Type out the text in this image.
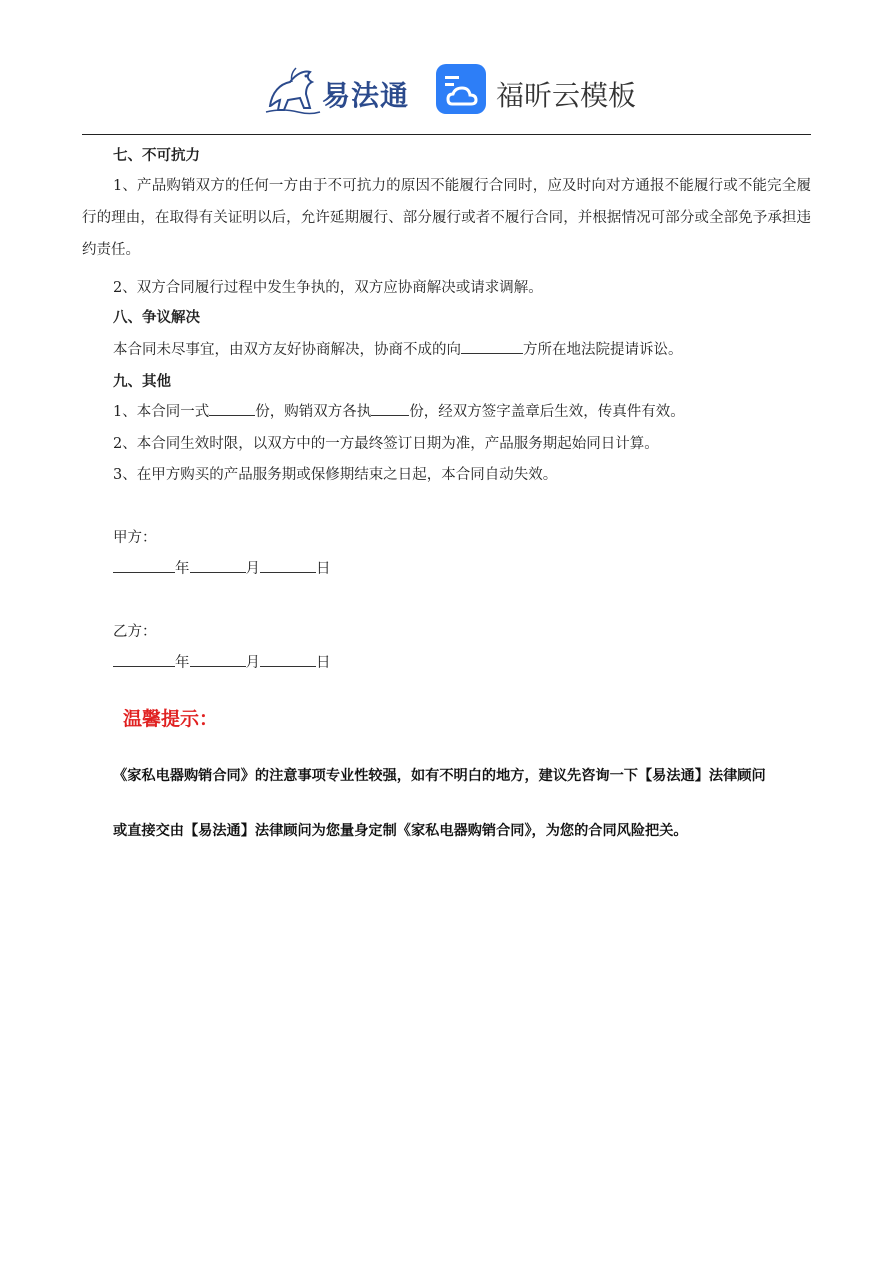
易法通	福昕云模板
七、不可抗力
1、产品购销双方的任何一方由于不可抗力的原因不能履行合同时，应及时向对方通报不能履行或不能完全履行的理由，在取得有关证明以后，允许延期履行、部分履行或者不履行合同，并根据情况可部分或全部免予承担违约责任。
2、双方合同履行过程中发生争执的，双方应协商解决或请求调解。
八、争议解决
本合同未尽事宜，由双方友好协商解决，协商不成的向	方所在地法院提请诉讼。
九、其他
1、本合同一式	份，购销双方各执	份，经双方签字盖章后生效，传真件有效。
2、本合同生效时限，以双方中的一方最终签订日期为准，产品服务期起始同日计算。
3、在甲方购买的产品服务期或保修期结束之日起，本合同自动失效。
甲方：
年	月	日
乙方：
年	月	日
温馨提示：
《家私电器购销合同》的注意事项专业性较强，如有不明白的地方，建议先咨询一下【易法通】法律顾问
或直接交由【易法通】法律顾问为您量身定制《家私电器购销合同》，为您的合同风险把关。
